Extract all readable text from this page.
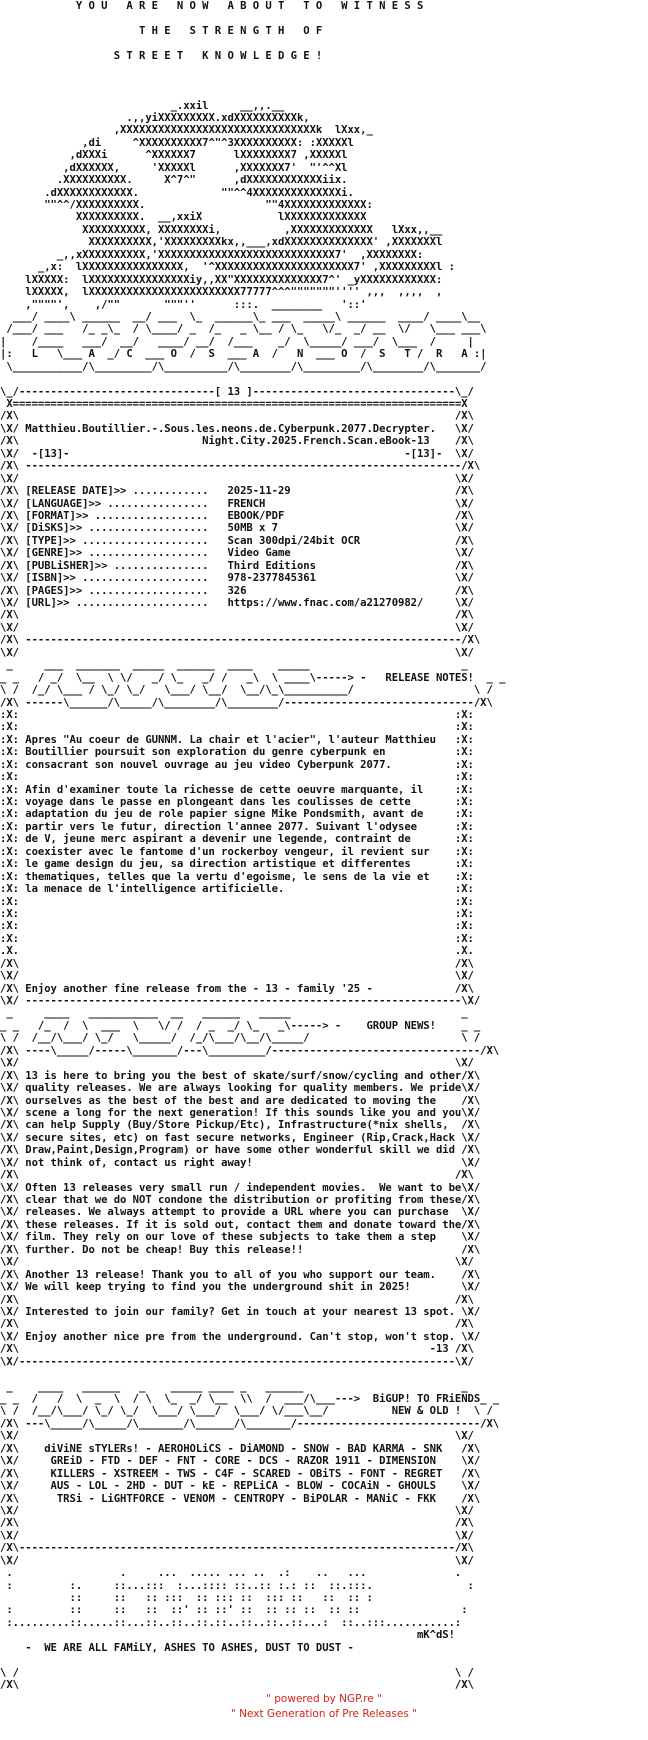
Y O U   A R E   N O W   A B O U T   T O   W I T N E S S

T H E   S T R E N G T H   O F

S T R E E T   K N O W L E D G E !

_.xxil     __,,.__
.,,yiXXXXXXXXX.xdXXXXXXXXXXk,
,XXXXXXXXXXXXXXXXXXXXXXXXXXXXXXXk  lXxx,_
,di     ^XXXXXXXXXX7^"^3XXXXXXXXXX: :XXXXXl
,dXXXi      ^XXXXXX7      lXXXXXXXX7 ,XXXXXl
,dXXXXXX,     'XXXXXl      ,XXXXXXX7'  "'^^Xl
.XXXXXXXXXX.     X^7^"      ,dXXXXXXXXXXXXiix.
.dXXXXXXXXXXXX.             ""^^4XXXXXXXXXXXXXXi.
""^^/XXXXXXXXXX.                   ""4XXXXXXXXXXXXX:
XXXXXXXXXX.  __,xxiX            lXXXXXXXXXXXXX
XXXXXXXXXX, XXXXXXXXi,          ,XXXXXXXXXXXXX   lXxx,,__
XXXXXXXXXX,'XXXXXXXXXkx,,___,xdXXXXXXXXXXXXXX' ,XXXXXXXl
_,,xXXXXXXXXXX,'XXXXXXXXXXXXXXXXXXXXXXXXXXXX7'  ,XXXXXXXX:
_,x:  lXXXXXXXXXXXXXXXX,  '^XXXXXXXXXXXXXXXXXXXXXX7' ,XXXXXXXXXl :
lXXXXX:  lXXXXXXXXXXXXXXXXiy,,XX"XXXXXXXXXXXXXX7^' _yXXXXXXXXXXXX:
lXXXXX,  lXXXXXXXXXXXXXXXXXXXXXXXX77777^^^"""""""'''' ,,,  ,,,,  ,
,""""',    ,/""       """''      :::.  ________   '::'
___/ ____\ ______  __/ ___  \_  ______\_ ___  _____\ ______  ____/ ____\__
/___/ ___   /_ _\_  / \____/ _  /_   _ \__ / \_   \/_  _/ __  \/   \___ ___\
|    /____   ___/  __/   ____/ __/  /___    _/  \_____/ ___/  \___  /     |
|:   L   \___ A  _/ C  ___ O  /  S  ___ A  /   N  ___ O  /  S   T /  R   A :|
\___________/\_________/\__________/\________/\_________/\________/\_______/

\_/-------------------------------[ 13 ]--------------------------------\_/
X=======================================================================X
/X\                                                                     /X\
\X/ Matthieu.Boutillier.-.Sous.les.neons.de.Cyberpunk.2077.Decrypter.   \X/
/X\                             Night.City.2025.French.Scan.eBook-13    /X\
\X/  -[13]-                                                     -[13]-  \X/
/X\ ---------------------------------------------------------------------/X\
\X/                                                                     \X/
/X\ [RELEASE DATE]>> ............   2025-11-29                          /X\
\X/ [LANGUAGE]>> ................   FRENCH                              \X/
/X\ [FORMAT]>> ..................   EBOOK/PDF                           /X\
\X/ [DiSKS]>> ...................   50MB x 7                            \X/
/X\ [TYPE]>> ....................   Scan 300dpi/24bit OCR               /X\
\X/ [GENRE]>> ...................   Video Game                          \X/
/X\ [PUBLiSHER]>> ...............   Third Editions                      /X\
\X/ [ISBN]>> ....................   978-2377845361                      \X/
/X\ [PAGES]>> ...................   326                                 /X\
\X/ [URL]>> .....................   https://www.fnac.com/a21270982/     \X/
/X\                                                                     /X\
\X/                                                                     \X/
/X\ ---------------------------------------------------------------------/X\
\X/                                                                     \X/
_     ___  _______  _____  ______  ____    _____                        _
_ _   / _/  \__  \ \/   _/ \_   _/ /   _\  \ ____\-----> -   RELEASE NOTES!  _ _
\ /  /_/ \___ / \_/ \_/   \___/ \__/  \__/\_\__________/                   \ /
/X\ ------\______/\_____/\________/\________/------------------------------/X\
:X:                                                                     :X:
:X:                                                                     :X:
:X: Apres "Au coeur de GUNNM. La chair et l'acier", l'auteur Matthieu   :X:
:X: Boutillier poursuit son exploration du genre cyberpunk en           :X:
:X: consacrant son nouvel ouvrage au jeu video Cyberpunk 2077.          :X:
:X:                                                                     :X:
:X: Afin d'examiner toute la richesse de cette oeuvre marquante, il     :X:
:X: voyage dans le passe en plongeant dans les coulisses de cette       :X:
:X: adaptation du jeu de role papier signe Mike Pondsmith, avant de     :X:
:X: partir vers le futur, direction l'annee 2077. Suivant l'odysee      :X:
:X: de V, jeune merc aspirant a devenir une legende, contraint de       :X:
:X: coexister avec le fantome d'un rockerboy vengeur, il revient sur    :X:
:X: le game design du jeu, sa direction artistique et differentes       :X:
:X: thematiques, telles que la vertu d'egoisme, le sens de la vie et    :X:
:X: la menace de l'intelligence artificielle.                           :X:
:X:                                                                     :X:
:X:                                                                     :X:
:X:                                                                     :X:
:X:                                                                     :X:
.X.                                                                     .X.
/X\                                                                     /X\
\X/                                                                     \X/
/X\ Enjoy another fine release from the - 13 - family '25 -             /X\
\X/ ---------------------------------------------------------------------\X/
_     ____   ___________  __   ______   _____                           _
_ _   /_  /  \  ___  \   \/ /  / _  _/ \_   _\-----> -    GROUP NEWS!    _ _
\ /  /__/\___/ \_/   \_____/  /_/\___/\__/\_____/                        \ /
/X\ ----\_____/-----\_______/---\_________/---------------------------------/X\
\X/                                                                     \X/
/X\ 13 is here to bring you the best of skate/surf/snow/cycling and other/X\
\X/ quality releases. We are always looking for quality members. We pride\X/
/X\ ourselves as the best of the best and are dedicated to moving the    /X\
\X/ scene a long for the next generation! If this sounds like you and you\X/
/X\ can help Supply (Buy/Store Pickup/Etc), Infrastructure(*nix shells,  /X\
\X/ secure sites, etc) on fast secure networks, Engineer (Rip,Crack,Hack \X/
/X\ Draw,Paint,Design,Program) or have some other wonderful skill we did /X\
\X/ not think of, contact us right away!                                 \X/
/X\                                                                     /X\
\X/ Often 13 releases very small run / independent movies.  We want to be\X/
/X\ clear that we do NOT condone the distribution or profiting from these/X\
\X/ releases. We always attempt to provide a URL where you can purchase  \X/
/X\ these releases. If it is sold out, contact them and donate toward the/X\
\X/ film. They rely on our love of these subjects to take them a step    \X/
/X\ further. Do not be cheap! Buy this release!!                         /X\
\X/                                                                     \X/
/X\ Another 13 release! Thank you to all of you who support our team.    /X\
\X/ We will keep trying to find you the underground shit in 2025!        \X/
/X\                                                                     /X\
\X/ Interested to join our family? Get in touch at your nearest 13 spot. \X/
/X\                                                                     /X\
\X/ Enjoy another nice pre from the underground. Can't stop, won't stop. \X/
/X\                                                                 -13 /X\
\X/---------------------------------------------------------------------\X/

_    ____   ______   _    _____ ____ _   ______                         _
_ _  /   /  \  _  \  / \  \_  _/ \__  \\  /  ___/\___--->  BiGUP! TO FRiENDS_ _
\ /  /__/\___/ \_/ \_/  \___/ \___/  \___/ \/___\__/          NEW & OLD !  \ /
/X\ ---\_____/\_____/\_______/\______/\_______/-----------------------------/X\
\X/                                                                     \X/
/X\    diViNE sTYLERs! - AEROHOLiCS - DiAMOND - SNOW - BAD KARMA - SNK   /X\
\X/     GREiD - FTD - DEF - FNT - CORE - DCS - RAZOR 1911 - DIMENSION    \X/
/X\     KILLERS - XSTREEM - TWS - C4F - SCARED - OBiTS - FONT - REGRET   /X\
\X/     AUS - LOL - 2HD - DUT - kE - REPLiCA - BLOW - COCAiN - GHOULS    \X/
/X\      TRSi - LiGHTFORCE - VENOM - CENTROPY - BiPOLAR - MANiC - FKK    /X\
\X/                                                                     \X/
/X\                                                                     /X\
\X/                                                                     \X/
/X\---------------------------------------------------------------------/X\
\X/                                                                     \X/
.                 .     ...  ..... ... ..  .:    ..   ...              .
:         :.     ::...:::  :...:::: ::..:: :.: ::  ::.:::.               :
::     ::   :: :::  :: ::: ::  ::: ::   ::  :: :
:         ::     ::   ::  ::' :: ::' ::  :: :: ::  :: ::                :
:.........::.....::...::..::..::.::..::..::..::...:  ::..:::...........:
mK^dS!
-  WE ARE ALL FAMiLY, ASHES TO ASHES, DUST TO DUST -

\ /                                                                     \ /
/X\                                                                     /X\
" powered by NGP.re "
" Next Generation of Pre Releases "
